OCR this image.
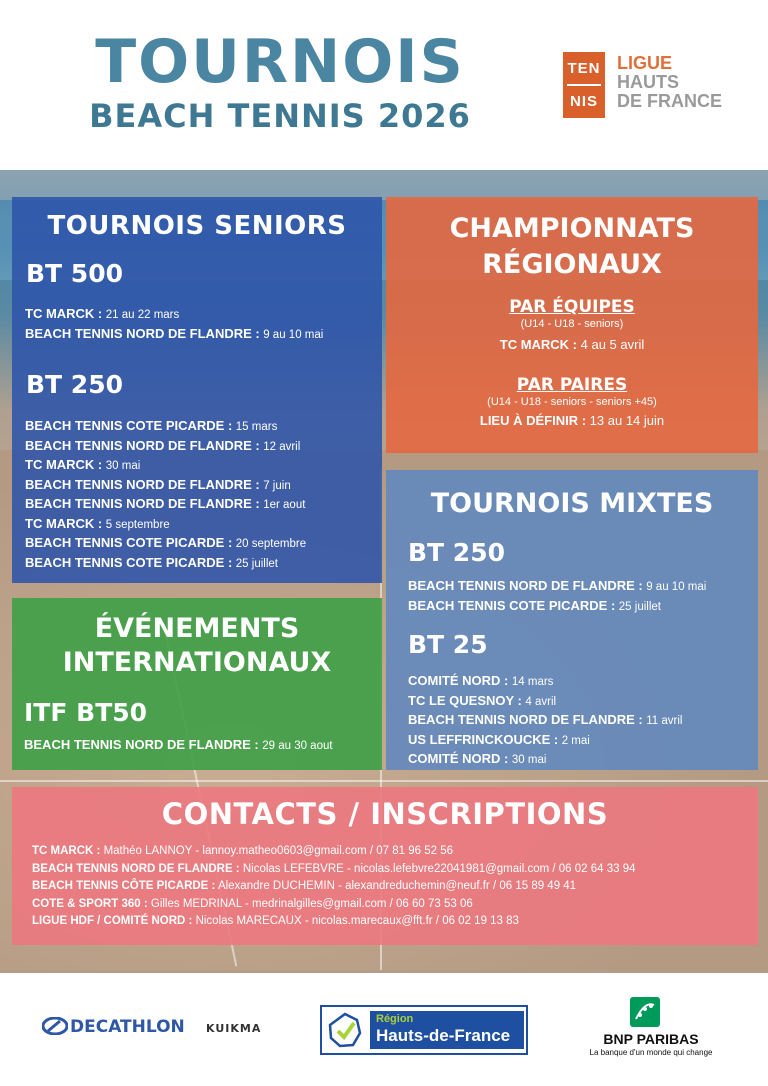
TOURNOIS
BEACH TENNIS 2026
TEN
NIS
LIGUE
HAUTS
DE FRANCE
TOURNOIS SENIORS
BT 500
TC MARCK : 21 au 22 mars
BEACH TENNIS NORD DE FLANDRE : 9 au 10 mai
BT 250
BEACH TENNIS COTE PICARDE : 15 mars
BEACH TENNIS NORD DE FLANDRE : 12 avril
TC MARCK : 30 mai
BEACH TENNIS NORD DE FLANDRE : 7 juin
BEACH TENNIS NORD DE FLANDRE : 1er aout
TC MARCK : 5 septembre
BEACH TENNIS COTE PICARDE : 20 septembre
BEACH TENNIS COTE PICARDE : 25 juillet
CHAMPIONNATS
RÉGIONAUX
PAR ÉQUIPES
(U14 - U18 - seniors)
TC MARCK : 4 au 5 avril
PAR PAIRES
(U14 - U18 - seniors - seniors +45)
LIEU À DÉFINIR : 13 au 14 juin
TOURNOIS MIXTES
BT 250
BEACH TENNIS NORD DE FLANDRE : 9 au 10 mai
BEACH TENNIS COTE PICARDE : 25 juillet
BT 25
COMITÉ NORD : 14 mars
TC LE QUESNOY : 4 avril
BEACH TENNIS NORD DE FLANDRE : 11 avril
US LEFFRINCKOUCKE : 2 mai
COMITÉ NORD : 30 mai
ÉVÉNEMENTS
INTERNATIONAUX
ITF BT50
BEACH TENNIS NORD DE FLANDRE : 29 au 30 aout
CONTACTS / INSCRIPTIONS
TC MARCK : Mathéo LANNOY - lannoy.matheo0603@gmail.com / 07 81 96 52 56
BEACH TENNIS NORD DE FLANDRE : Nicolas LEFEBVRE - nicolas.lefebvre22041981@gmail.com / 06 02 64 33 94
BEACH TENNIS CÔTE PICARDE : Alexandre DUCHEMIN - alexandreduchemin@neuf.fr / 06 15 89 49 41
COTE & SPORT 360 : Gilles MEDRINAL - medrinalgilles@gmail.com / 06 60 73 53 06
LIGUE HDF / COMITÉ NORD : Nicolas MARECAUX - nicolas.marecaux@fft.fr / 06 02 19 13 83
DECATHLON	KUIKMA
Région
Hauts-de-France	BNP PARIBAS
La banque d'un monde qui change
